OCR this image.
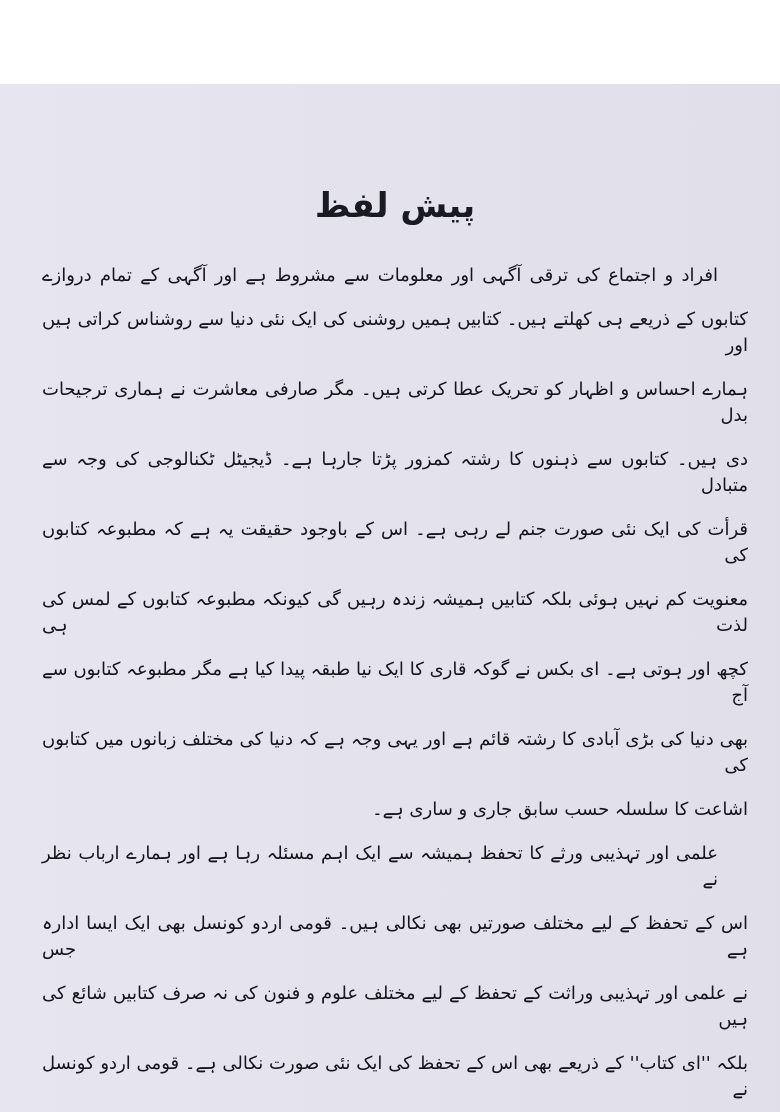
پیش لفظ
افراد و اجتماع کی ترقی آگہی اور معلومات سے مشروط ہے اور آگہی کے تمام دروازے
کتابوں کے ذریعے ہی کھلتے ہیں۔ کتابیں ہمیں روشنی کی ایک نئی دنیا سے روشناس کراتی ہیں اور
ہمارے احساس و اظہار کو تحریک عطا کرتی ہیں۔ مگر صارفی معاشرت نے ہماری ترجیحات بدل
دی ہیں۔ کتابوں سے ذہنوں کا رشتہ کمزور پڑتا جارہا ہے۔ ڈیجیٹل ٹکنالوجی کی وجہ سے متبادل
قرأت کی ایک نئی صورت جنم لے رہی ہے۔ اس کے باوجود حقیقت یہ ہے کہ مطبوعہ کتابوں کی
معنویت کم نہیں ہوئی بلکہ کتابیں ہمیشہ زندہ رہیں گی کیونکہ مطبوعہ کتابوں کے لمس کی لذت ہی
کچھ اور ہوتی ہے۔ ای بکس نے گوکہ قاری کا ایک نیا طبقہ پیدا کیا ہے مگر مطبوعہ کتابوں سے آج
بھی دنیا کی بڑی آبادی کا رشتہ قائم ہے اور یہی وجہ ہے کہ دنیا کی مختلف زبانوں میں کتابوں کی
اشاعت کا سلسلہ حسب سابق جاری و ساری ہے۔
علمی اور تہذیبی ورثے کا تحفظ ہمیشہ سے ایک اہم مسئلہ رہا ہے اور ہمارے ارباب نظر نے
اس کے تحفظ کے لیے مختلف صورتیں بھی نکالی ہیں۔ قومی اردو کونسل بھی ایک ایسا ادارہ ہے جس
نے علمی اور تہذیبی وراثت کے تحفظ کے لیے مختلف علوم و فنون کی نہ صرف کتابیں شائع کی ہیں
بلکہ ''ای کتاب'' کے ذریعے بھی اس کے تحفظ کی ایک نئی صورت نکالی ہے۔ قومی اردو کونسل نے
